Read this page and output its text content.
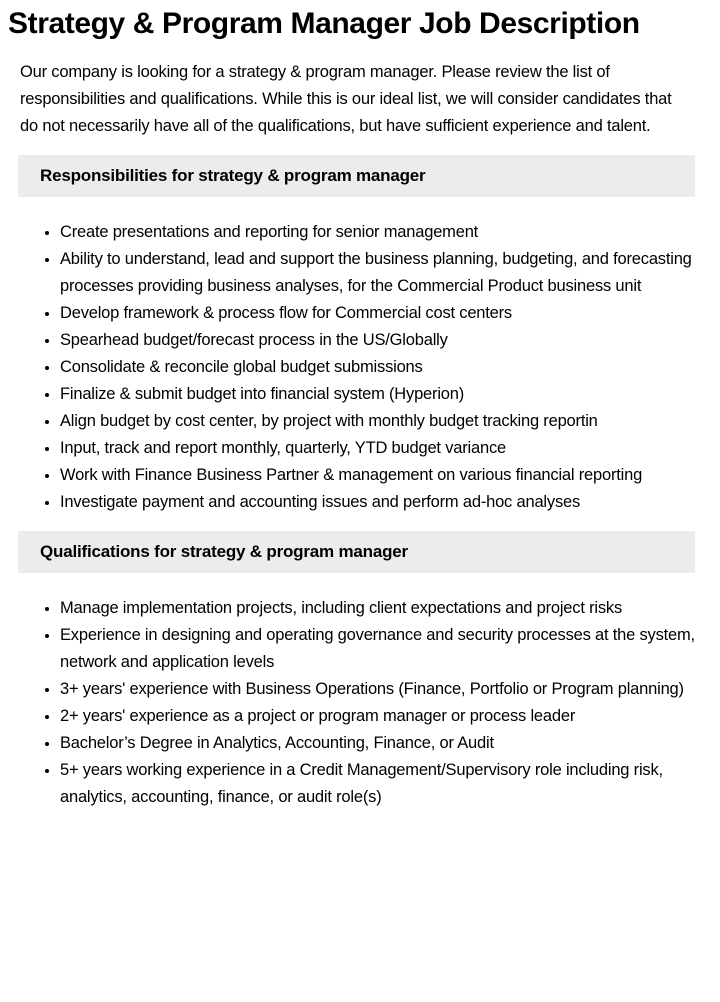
Strategy & Program Manager Job Description

Our company is looking for a strategy & program manager. Please review the list of responsibilities and qualifications. While this is our ideal list, we will consider candidates that do not necessarily have all of the qualifications, but have sufficient experience and talent.

Responsibilities for strategy & program manager
• Create presentations and reporting for senior management
• Ability to understand, lead and support the business planning, budgeting, and forecasting processes providing business analyses, for the Commercial Product business unit
• Develop framework & process flow for Commercial cost centers
• Spearhead budget/forecast process in the US/Globally
• Consolidate & reconcile global budget submissions
• Finalize & submit budget into financial system (Hyperion)
• Align budget by cost center, by project with monthly budget tracking reportin
• Input, track and report monthly, quarterly, YTD budget variance
• Work with Finance Business Partner & management on various financial reporting
• Investigate payment and accounting issues and perform ad-hoc analyses
Qualifications for strategy & program manager
• Manage implementation projects, including client expectations and project risks
• Experience in designing and operating governance and security processes at the system, network and application levels
• 3+ years' experience with Business Operations (Finance, Portfolio or Program planning)
• 2+ years' experience as a project or program manager or process leader
• Bachelor’s Degree in Analytics, Accounting, Finance, or Audit
• 5+ years working experience in a Credit Management/Supervisory role including risk, analytics, accounting, finance, or audit role(s)
